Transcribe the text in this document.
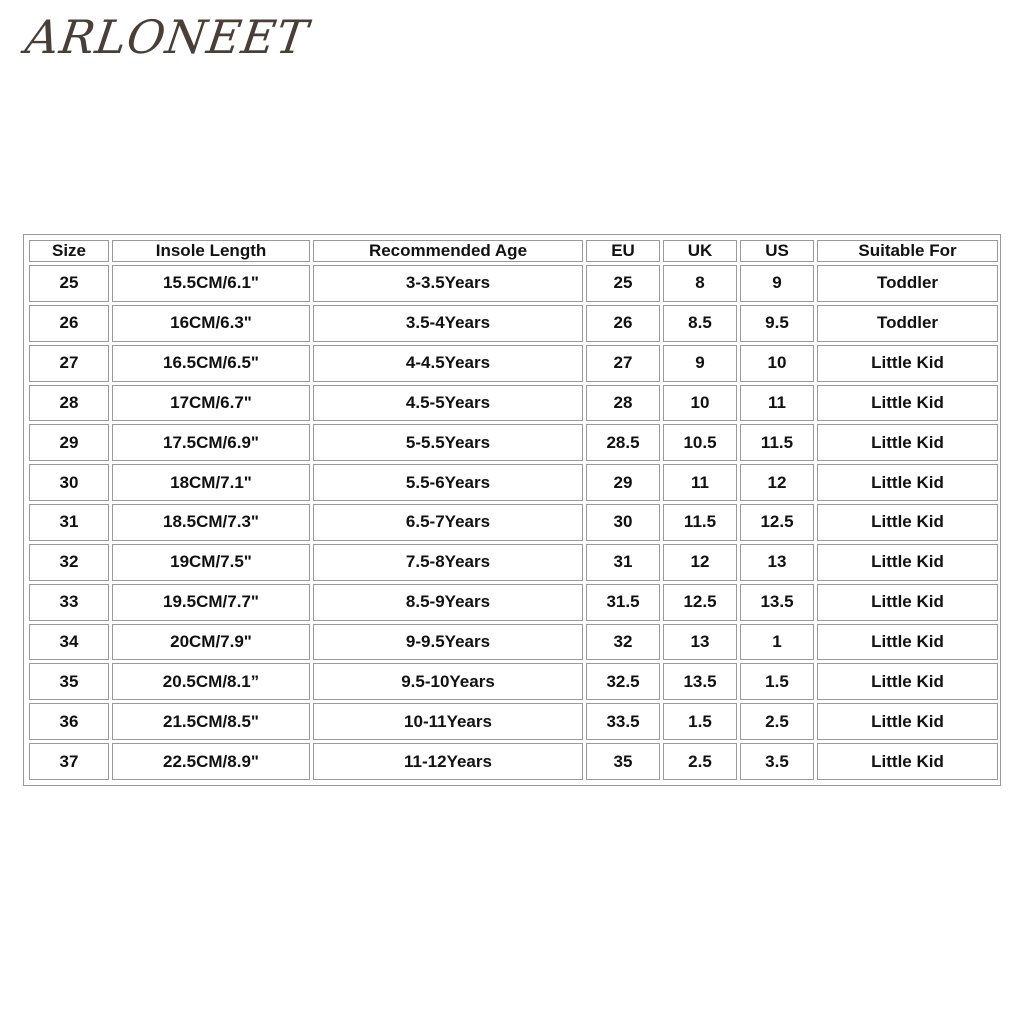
ARLONEET
Size	Insole Length	Recommended Age	EU	UK	US	Suitable For
25	15.5CM/6.1"	3-3.5Years	25	8	9	Toddler
26	16CM/6.3"	3.5-4Years	26	8.5	9.5	Toddler
27	16.5CM/6.5"	4-4.5Years	27	9	10	Little Kid
28	17CM/6.7"	4.5-5Years	28	10	11	Little Kid
29	17.5CM/6.9"	5-5.5Years	28.5	10.5	11.5	Little Kid
30	18CM/7.1"	5.5-6Years	29	11	12	Little Kid
31	18.5CM/7.3"	6.5-7Years	30	11.5	12.5	Little Kid
32	19CM/7.5"	7.5-8Years	31	12	13	Little Kid
33	19.5CM/7.7"	8.5-9Years	31.5	12.5	13.5	Little Kid
34	20CM/7.9"	9-9.5Years	32	13	1	Little Kid
35	20.5CM/8.1”	9.5-10Years	32.5	13.5	1.5	Little Kid
36	21.5CM/8.5"	10-11Years	33.5	1.5	2.5	Little Kid
37	22.5CM/8.9"	11-12Years	35	2.5	3.5	Little Kid
